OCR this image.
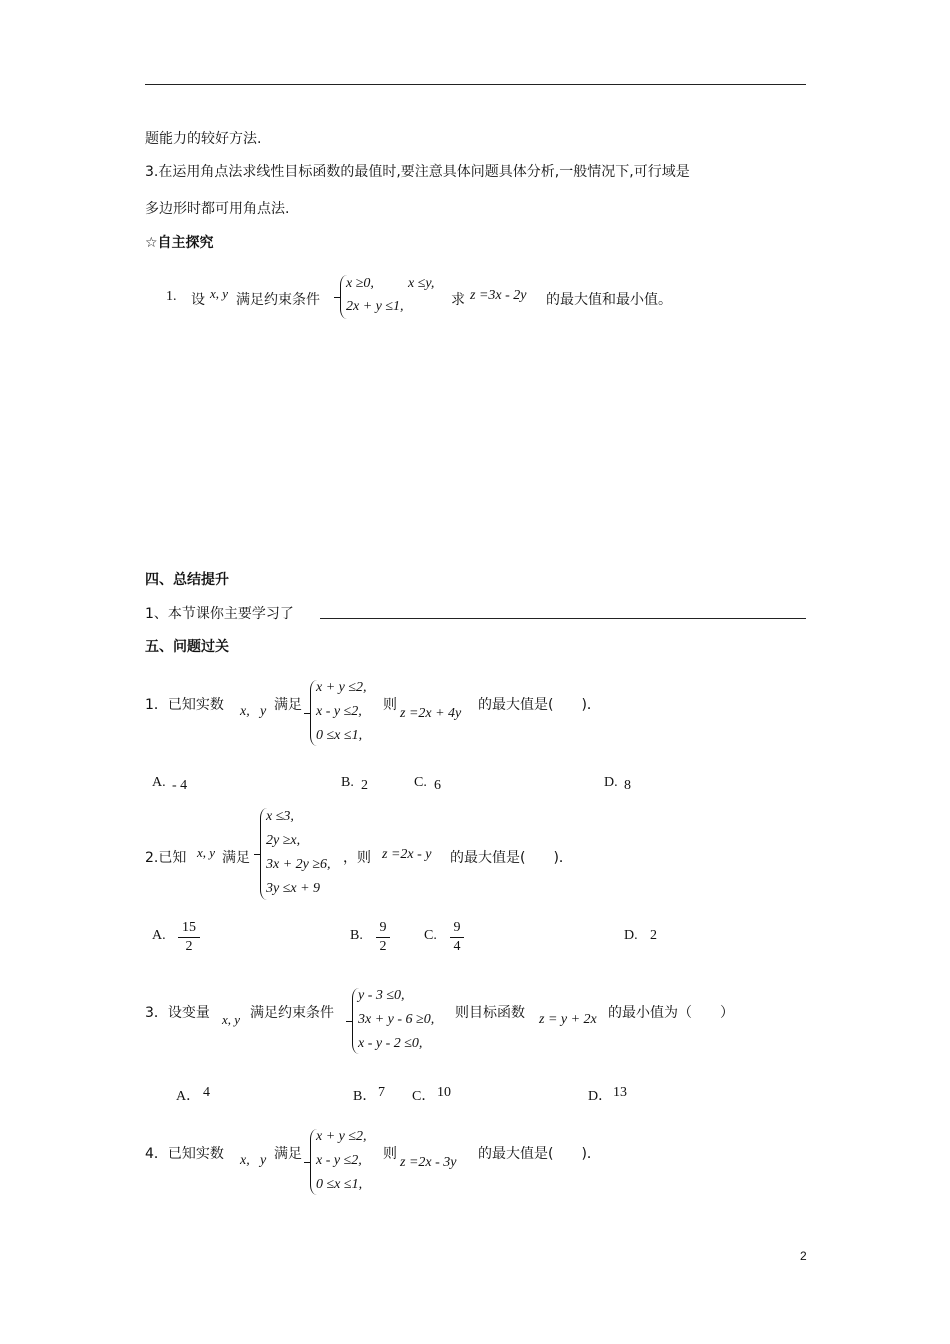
题能力的较好方法.
3.在运用角点法求线性目标函数的最值时,要注意具体问题具体分析,一般情况下,可行域是
多边形时都可用角点法.
☆自主探究
1. 设 x, y 满足约束条件
x ≥0, x ≤y,
2x + y ≤1,	求 z =3x - 2y 的最大值和最小值。
四、总结提升
1、本节课你主要学习了
五、问题过关
1．已知实数 x, y 满足
x + y ≤2,
x - y ≤2,
0 ≤x ≤1,
则
z =2x + 4y
的最大值是(　　)．
A. - 4	B. 2	C. 6	D. 8
2.已知 x, y 满足
x ≤3,
2y ≥x,
3x + 2y ≥6,
3y ≤x + 9
，则 z =2x - y 的最大值是(　　)．
A.
15
2
B.
9
2
C.
9
4
D. 2
3．设变量 x, y 满足约束条件
y - 3 ≤0,
3x + y - 6 ≥0,
x - y - 2 ≤0,
则目标函数 z = y + 2x 的最小值为（　　）
A． 4	B． 7 C． 10	D． 13
4．已知实数 x, y 满足
x + y ≤2,
x - y ≤2,
0 ≤x ≤1,
则
z =2x - 3y
的最大值是(　　)．
2
